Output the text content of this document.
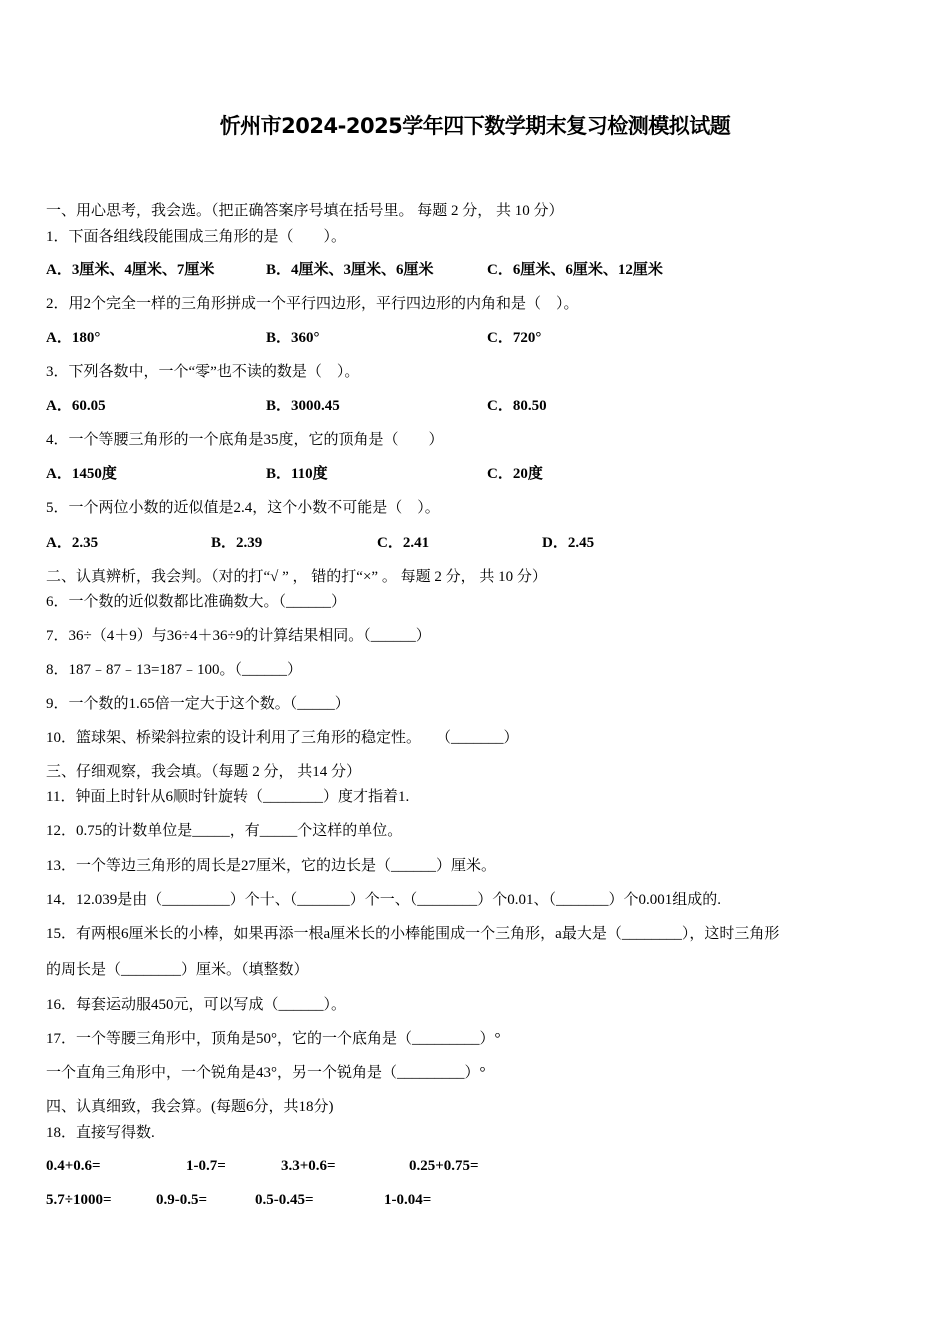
忻州市2024-2025学年四下数学期末复习检测模拟试题
一、用心思考，我会选。（把正确答案序号填在括号里。 每题 2 分， 共 10 分）
1．下面各组线段能围成三角形的是（　　）。
A．3厘米、4厘米、7厘米	B．4厘米、3厘米、6厘米	C．6厘米、6厘米、12厘米
2．用2个完全一样的三角形拼成一个平行四边形，平行四边形的内角和是（　）。
A．180°	B．360°	C．720°
3．下列各数中，一个“零”也不读的数是（　）。
A．60.05	B．3000.45	C．80.50
4．一个等腰三角形的一个底角是35度，它的顶角是（　　）
A．1450度	B．110度	C．20度
5．一个两位小数的近似值是2.4，这个小数不可能是（　）。
A．2.35	B．2.39	C．2.41	D．2.45
二、认真辨析，我会判。（对的打“√ ” ， 错的打“×” 。 每题 2 分， 共 10 分）
6．一个数的近似数都比准确数大。（______）
7．36÷（4＋9）与36÷4＋36÷9的计算结果相同。（______）
8．187﹣87﹣13=187﹣100。（______）
9．一个数的1.65倍一定大于这个数。（_____）
10．篮球架、桥梁斜拉索的设计利用了三角形的稳定性。　　（_______）
三、仔细观察，我会填。（每题 2 分， 共14 分）
11．钟面上时针从6顺时针旋转（________）度才指着1.
12．0.75的计数单位是_____，有_____个这样的单位。
13．一个等边三角形的周长是27厘米，它的边长是（______）厘米。
14．12.039是由（_________）个十、（_______）个一、（________）个0.01、（_______）个0.001组成的.
15．有两根6厘米长的小棒，如果再添一根a厘米长的小棒能围成一个三角形，a最大是（________），这时三角形
的周长是（________）厘米。（填整数）
16．每套运动服450元，可以写成（______）。
17．一个等腰三角形中，顶角是50°，它的一个底角是（_________）°
一个直角三角形中，一个锐角是43°，另一个锐角是（_________）°
四、认真细致，我会算。(每题6分，共18分)
18．直接写得数.
0.4+0.6=	1-0.7=	3.3+0.6=	0.25+0.75=
5.7÷1000=	0.9-0.5=	0.5-0.45=	1-0.04=
